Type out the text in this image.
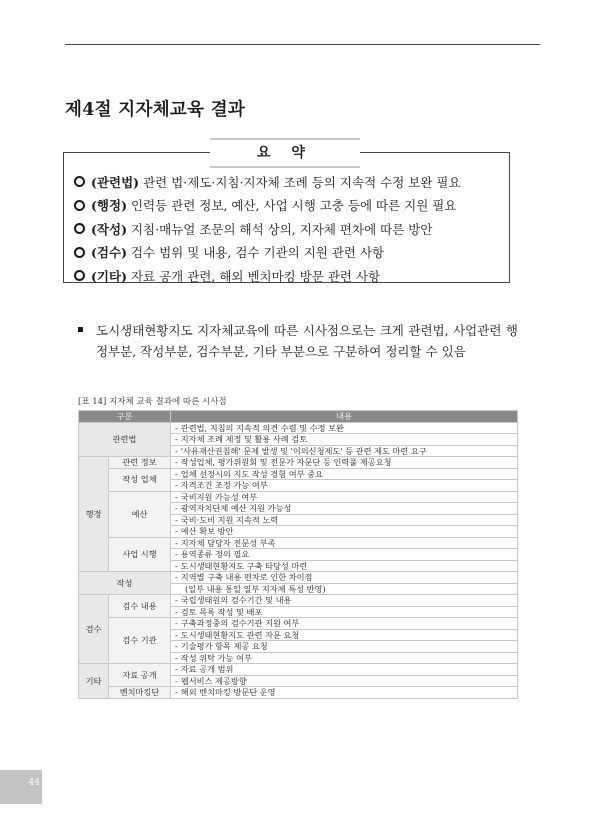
제4절 지자체교육 결과
요 약
(관련법) 관련 법·제도·지침·지자체 조례 등의 지속적 수정 보완 필요
(행정) 인력등 관련 정보, 예산, 사업 시행 고충 등에 따른 지원 필요
(작성) 지침·매뉴얼 조문의 해석 상의, 지자체 편차에 따른 방안
(검수) 검수 범위 및 내용, 검수 기관의 지원 관련 사항
(기타) 자료 공개 관련, 해외 벤치마킹 방문 관련 사항
도시생태현황지도 지자체교육에 따른 시사점으로는 크게 관련법, 사업관련 행정부분, 작성부분, 검수부분, 기타 부분으로 구분하여 정리할 수 있음
[표 14] 지자체 교육 결과에 따른 시사점
구분		내용
관련법		- 관련법, 지침의 지속적 의견 수렴 및 수정 보완
		- 지자체 조례 제정 및 활용 사례 검토
		- '사유재산권침해' 문제 발생 및 '이의신청제도' 등 관련 제도 마련 요구
행정	관련 정보	- 작성업체, 평가위원회 및 전문가 자문단 등 인력풀 제공요청
	작성 업체	- 업체 선정시의 지도 작성 경험 여부 중요
		- 자격조건 조정 가능 여부
	예산	- 국비지원 가능성 여부
		- 광역자치단체 예산 지원 가능성
		- 국비·도비 지원 지속적 노력
		- 예산 확보 방안
	사업 시행	- 지자체 담당자 전문성 부족
		- 용역종류 정의 필요
		- 도시생태현황지도 구축 타당성 마련
작성		- 지역별 구축 내용 편차로 인한 차이점
		(일부 내용 통일 일부 지자체 특성 반영)
검수	검수 내용	- 국립생태원의 검수기간 및 내용
		- 검토 목록 작성 및 배포
	검수 기관	- 구축과정중의 검수기관 지원 여부
		- 도시생태현황지도 관련 자문 요청
		- 기술평가 항목 제공 요청
		- 작성 위탁 가능 여부
기타	자료 공개	- 자료 공개 범위
		- 웹서비스 제공방향
	벤치마킹단	- 해외 벤치마킹 방문단 운영
44
